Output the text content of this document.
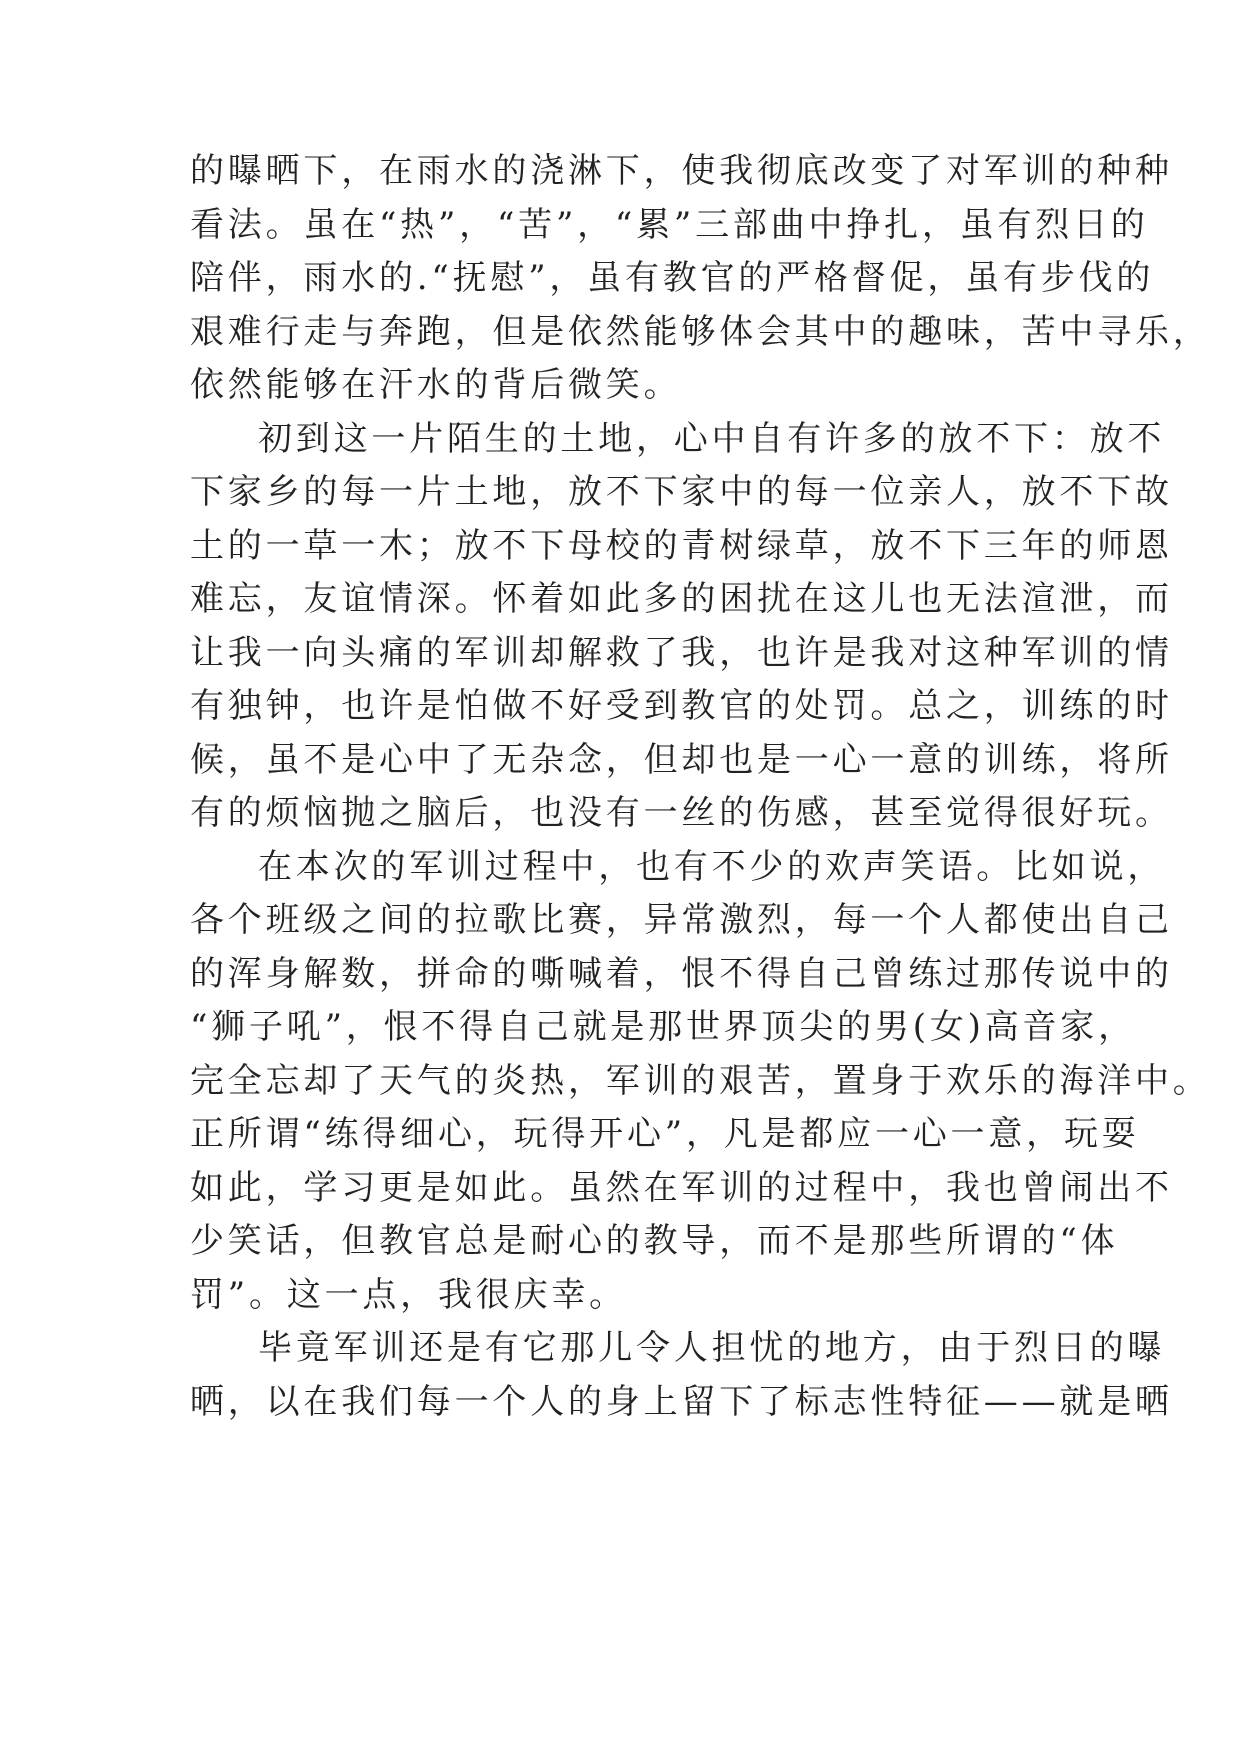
的曝晒下，在雨水的浇淋下，使我彻底改变了对军训的种种
看法。虽在“热”，“苦”，“累”三部曲中挣扎，虽有烈日的
陪伴，雨水的.“抚慰”，虽有教官的严格督促，虽有步伐的
艰难行走与奔跑，但是依然能够体会其中的趣味，苦中寻乐，
依然能够在汗水的背后微笑。
初到这一片陌生的土地，心中自有许多的放不下：放不
下家乡的每一片土地，放不下家中的每一位亲人，放不下故
土的一草一木；放不下母校的青树绿草，放不下三年的师恩
难忘，友谊情深。怀着如此多的困扰在这儿也无法渲泄，而
让我一向头痛的军训却解救了我，也许是我对这种军训的情
有独钟，也许是怕做不好受到教官的处罚。总之，训练的时
候，虽不是心中了无杂念，但却也是一心一意的训练，将所
有的烦恼抛之脑后，也没有一丝的伤感，甚至觉得很好玩。
在本次的军训过程中，也有不少的欢声笑语。比如说，
各个班级之间的拉歌比赛，异常激烈，每一个人都使出自己
的浑身解数，拼命的嘶喊着，恨不得自己曾练过那传说中的
“狮子吼”，恨不得自己就是那世界顶尖的男(女)高音家，
完全忘却了天气的炎热，军训的艰苦，置身于欢乐的海洋中。
正所谓“练得细心，玩得开心”，凡是都应一心一意，玩耍
如此，学习更是如此。虽然在军训的过程中，我也曾闹出不
少笑话，但教官总是耐心的教导，而不是那些所谓的“体
罚”。这一点，我很庆幸。
毕竟军训还是有它那儿令人担忧的地方，由于烈日的曝
晒，以在我们每一个人的身上留下了标志性特征——就是晒
